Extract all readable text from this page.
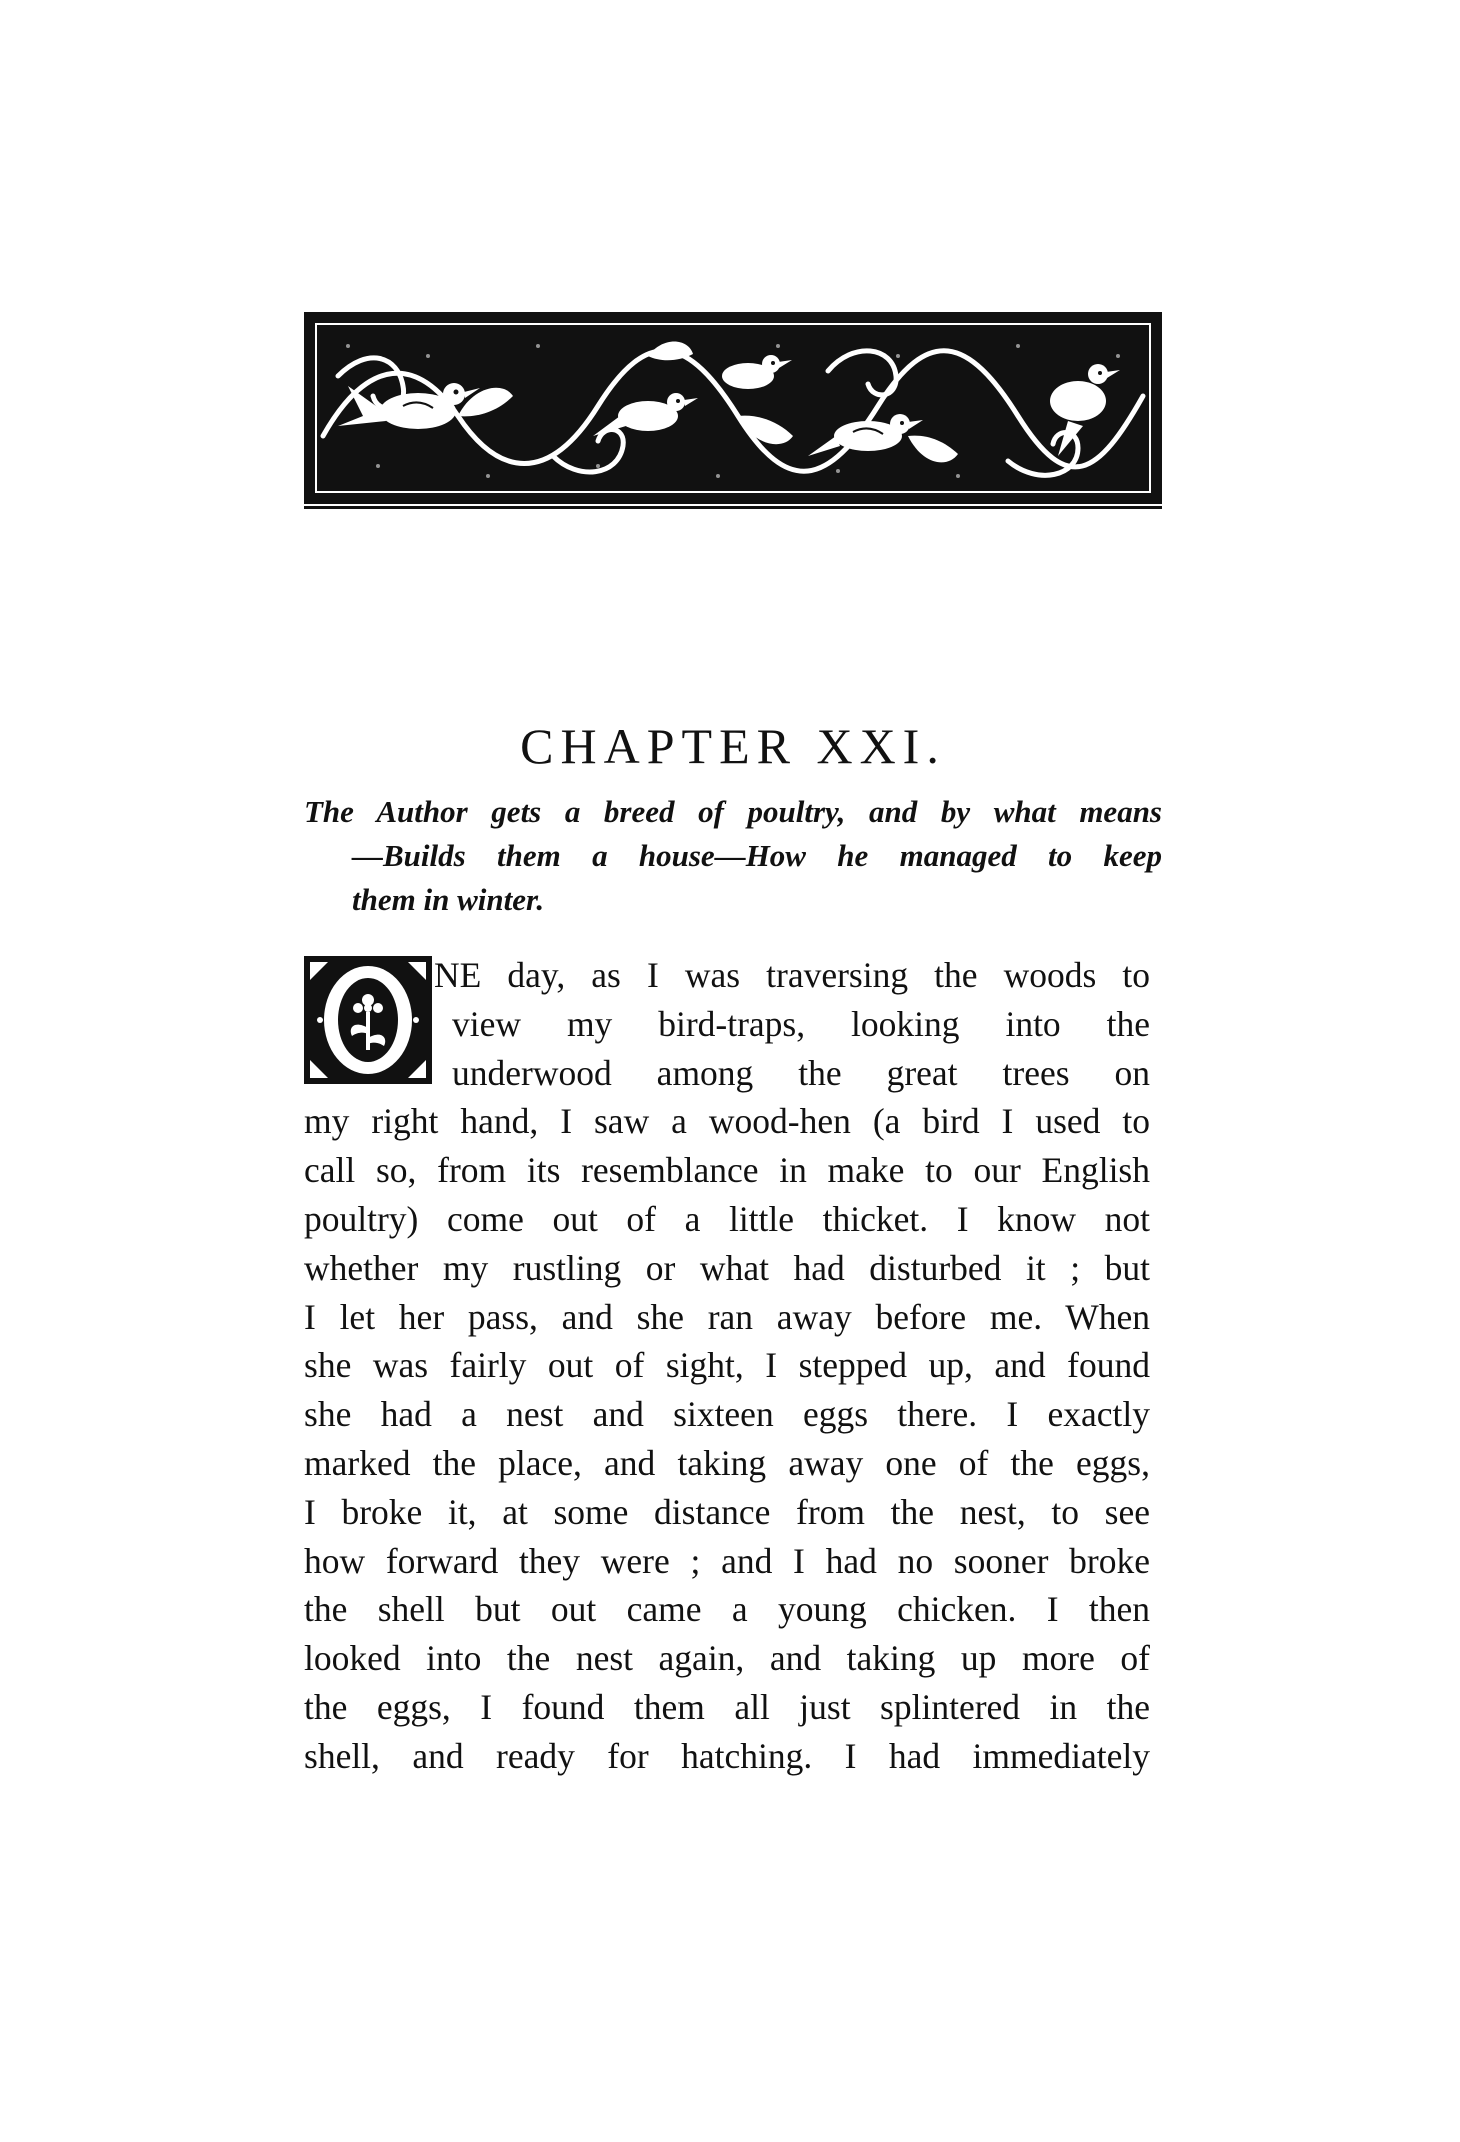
CHAPTER XXI.
The Author gets a breed of poultry, and by what means
—Builds them a house—How he managed to keep
them in winter.
NE day, as I was traversing the woods to
view my bird-traps, looking into the
underwood among the great trees on
my right hand, I saw a wood-hen (a bird I used to
call so, from its resemblance in make to our English
poultry) come out of a little thicket. I know not
whether my rustling or what had disturbed it ; but
I let her pass, and she ran away before me. When
she was fairly out of sight, I stepped up, and found
she had a nest and sixteen eggs there. I exactly
marked the place, and taking away one of the eggs,
I broke it, at some distance from the nest, to see
how forward they were ; and I had no sooner broke
the shell but out came a young chicken. I then
looked into the nest again, and taking up more of
the eggs, I found them all just splintered in the
shell, and ready for hatching. I had immediately
